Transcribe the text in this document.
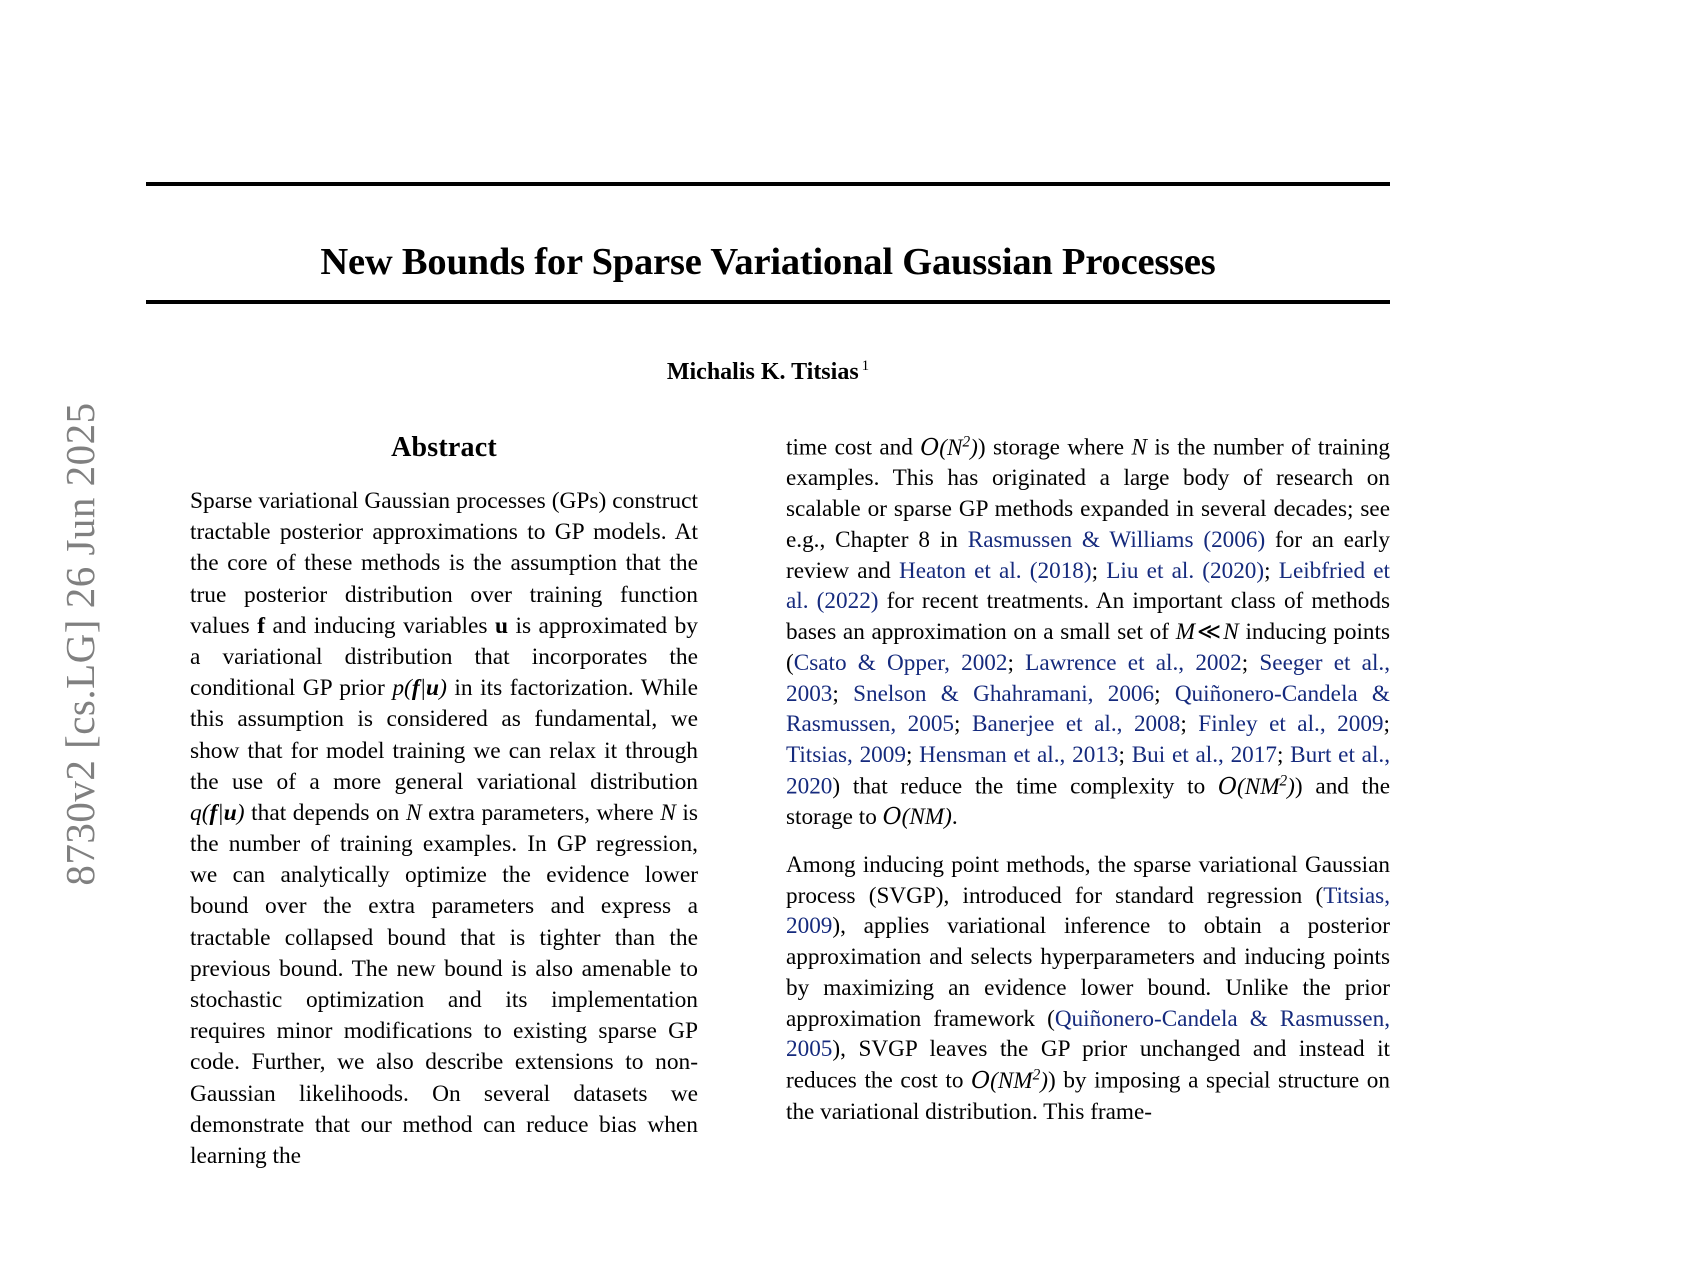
8730v2 [cs.LG] 26 Jun 2025
New Bounds for Sparse Variational Gaussian Processes
Michalis K. Titsias $^1$
Abstract

Sparse variational Gaussian processes (GPs) construct tractable posterior approximations to GP models. At the core of these methods is the assumption that the true posterior distribution over training function values f and inducing variables u is approximated by a variational distribution that incorporates the conditional GP prior p(f|u) in its factorization. While this assumption is considered as fundamental, we show that for model training we can relax it through the use of a more general variational distribution q(f|u) that depends on N extra parameters, where N is the number of training examples. In GP regression, we can analytically optimize the evidence lower bound over the extra parameters and express a tractable collapsed bound that is tighter than the previous bound. The new bound is also amenable to stochastic optimization and its implementation requires minor modifications to existing sparse GP code. Further, we also describe extensions to non-Gaussian likelihoods. On several datasets we demonstrate that our method can reduce bias when learning the

time cost and $O(N^2)$) storage where N is the number of training examples. This has originated a large body of research on scalable or sparse GP methods expanded in several decades; see e.g., Chapter 8 in Rasmussen & Williams (2006) for an early review and Heaton et al. (2018); Liu et al. (2020); Leibfried et al. (2022) for recent treatments. An important class of methods bases an approximation on a small set of M≪N inducing points (Csato & Opper, 2002; Lawrence et al., 2002; Seeger et al., 2003; Snelson & Ghahramani, 2006; Quiñonero-Candela & Rasmussen, 2005; Banerjee et al., 2008; Finley et al., 2009; Titsias, 2009; Hensman et al., 2013; Bui et al., 2017; Burt et al., 2020) that reduce the time complexity to $O(NM^2)$) and the storage to O(NM).

Among inducing point methods, the sparse variational Gaussian process (SVGP), introduced for standard regression (Titsias, 2009), applies variational inference to obtain a posterior approximation and selects hyperparameters and inducing points by maximizing an evidence lower bound. Unlike the prior approximation framework (Quiñonero-Candela & Rasmussen, 2005), SVGP leaves the GP prior unchanged and instead it reduces the cost to $O(NM^2)$) by imposing a special structure on the variational distribution. This frame-
